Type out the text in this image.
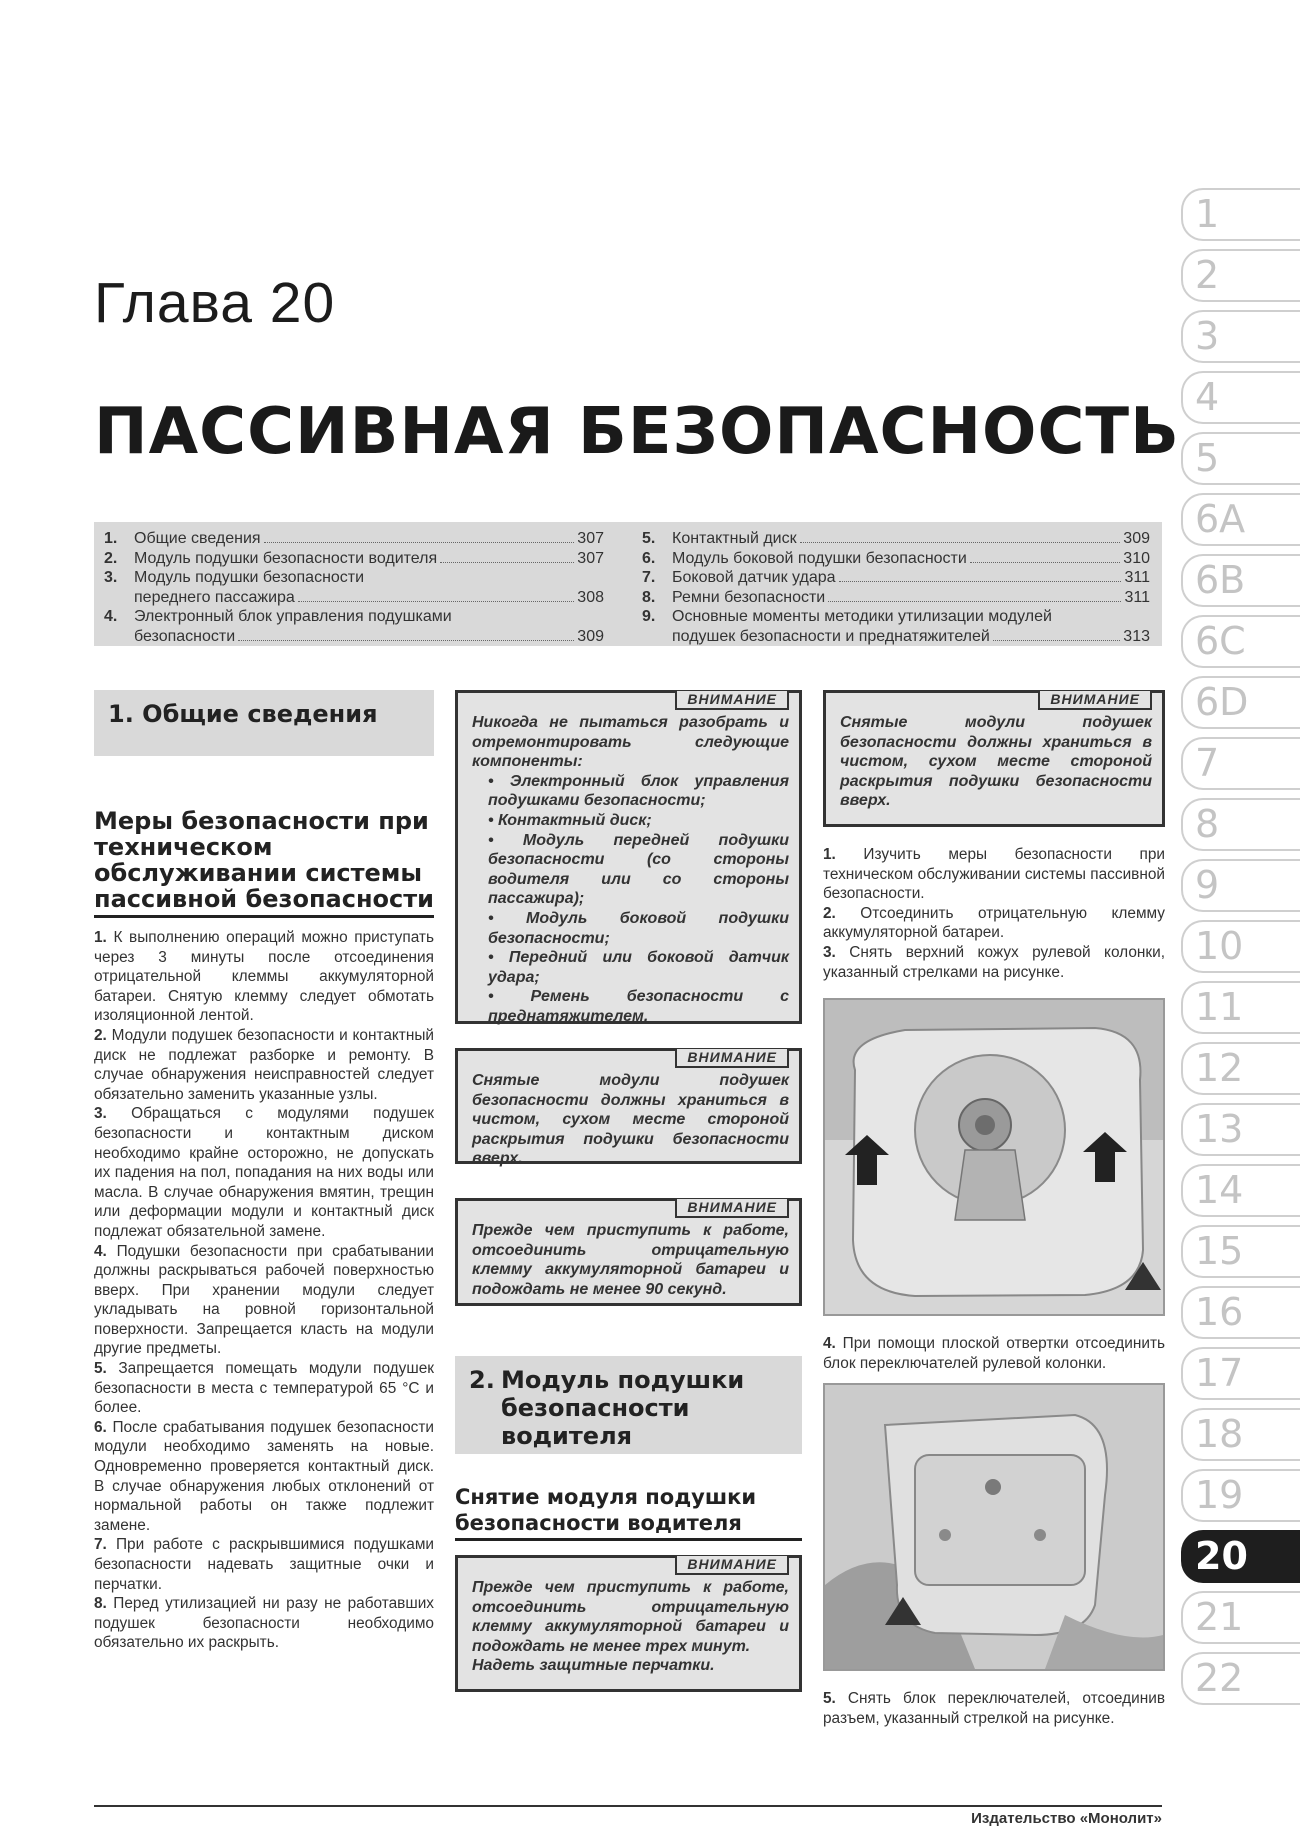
Глава 20
ПАССИВНАЯ БЕЗОПАСНОСТЬ
1.	Общие сведения	307
2.	Модуль подушки безопасности водителя	307
3.	Модуль подушки безопасности
переднего пассажира	308
4.	Электронный блок управления подушками
безопасности	309
5.	Контактный диск	309
6.	Модуль боковой подушки безопасности	310
7.	Боковой датчик удара	311
8.	Ремни безопасности	311
9.	Основные моменты методики утилизации модулей
подушек безопасности и преднатяжителей	313
1
2
3
4
5
6A
6B
6C
6D
7
8
9
10
11
12
13
14
15
16
17
18
19
20
21
22
1. Общие сведения
Меры безопасности при техническом обслуживании системы пассивной безопасности
1. К выполнению операций можно приступать через 3 минуты после отсоединения отрицательной клеммы аккумуляторной батареи. Снятую клемму следует обмотать изоляционной лентой.
2. Модули подушек безопасности и контактный диск не подлежат разборке и ремонту. В случае обнаружения неисправностей следует обязательно заменить указанные узлы.
3. Обращаться с модулями подушек безопасности и контактным диском необходимо крайне осторожно, не допускать их падения на пол, попадания на них воды или масла. В случае обнаружения вмятин, трещин или деформации модули и контактный диск подлежат обязательной замене.
4. Подушки безопасности при срабатывании должны раскрываться рабочей поверхностью вверх. При хранении модули следует укладывать на ровной горизонтальной поверхности. Запрещается класть на модули другие предметы.
5. Запрещается помещать модули подушек безопасности в места с температурой 65 °С и более.
6. После срабатывания подушек безопасности модули необходимо заменять на новые. Одновременно проверяется контактный диск. В случае обнаружения любых отклонений от нормальной работы он также подлежит замене.
7. При работе с раскрывшимися подушками безопасности надевать защитные очки и перчатки.
8. Перед утилизацией ни разу не работавших подушек безопасности необходимо обязательно их раскрыть.
ВНИМАНИЕ

Никогда не пытаться разобрать и отремонтировать следующие компоненты:

• Электронный блок управления подушками безопасности;

• Контактный диск;

• Модуль передней подушки безопасности (со стороны водителя или со стороны пассажира);

• Модуль боковой подушки безопасности;

• Передний или боковой датчик удара;

• Ремень безопасности с преднатяжителем.

ВНИМАНИЕ

Снятые модули подушек безопасности должны храниться в чистом, сухом месте стороной раскрытия подушки безопасности вверх.

ВНИМАНИЕ

Прежде чем приступить к работе, отсоединить отрицательную клемму аккумуляторной батареи и подождать не менее 90 секунд.

2. Модуль подушки безопасности водителя
Снятие модуля подушки безопасности водителя
ВНИМАНИЕ

Прежде чем приступить к работе, отсоединить отрицательную клемму аккумуляторной батареи и подождать не менее трех минут.

Надеть защитные перчатки.

ВНИМАНИЕ

Снятые модули подушек безопасности должны храниться в чистом, сухом месте стороной раскрытия подушки безопасности вверх.

1. Изучить меры безопасности при техническом обслуживании системы пассивной безопасности.
2. Отсоединить отрицательную клемму аккумуляторной батареи.
3. Снять верхний кожух рулевой колонки, указанный стрелками на рисунке.
4. При помощи плоской отвертки отсоединить блок переключателей рулевой колонки.
5. Снять блок переключателей, отсоединив разъем, указанный стрелкой на рисунке.
Издательство «Монолит»
